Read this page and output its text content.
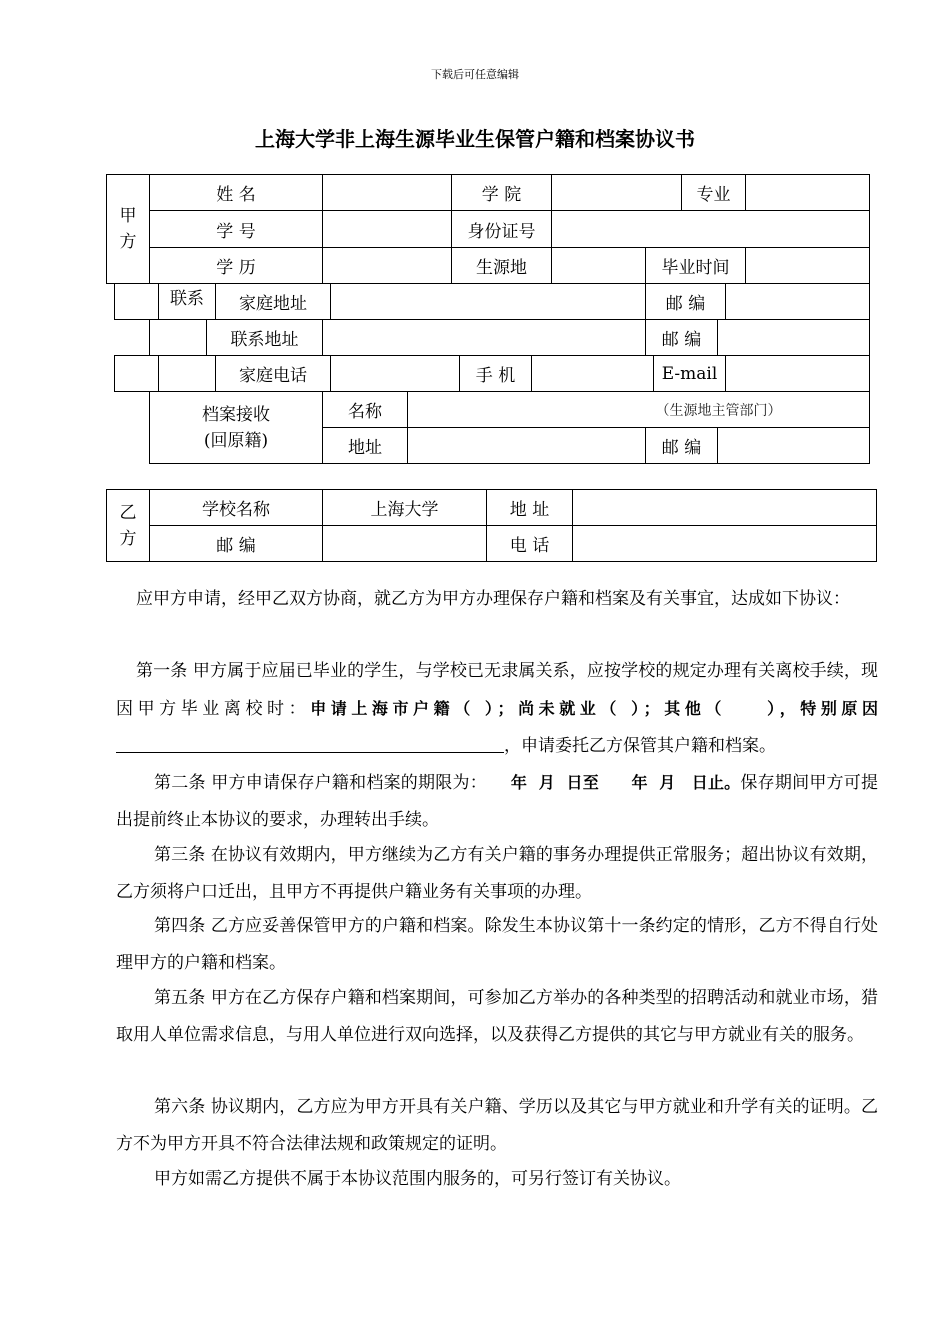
下载后可任意编辑
上海大学非上海生源毕业生保管户籍和档案协议书
甲
方
姓 名	学 院	专业
学 号	身份证号
学 历	生源地	毕业时间
联系	家庭地址	邮 编
联系地址	邮 编
家庭电话	手 机	E-mail
档案接收
(回原籍)
名称	（生源地主管部门）
地址	邮 编
乙
方
学校名称	上海大学	地 址
邮 编	电 话
应甲方申请，经甲乙双方协商，就乙方为甲方办理保存户籍和档案及有关事宜，达成如下协议：
第一条 甲方属于应届已毕业的学生，与学校已无隶属关系，应按学校的规定办理有关离校手续，现因甲方毕业离校时：申请上海市户籍（ ）；尚未就业（ ）；其他（　　），特别原因，申请委托乙方保管其户籍和档案。
第二条 甲方申请保存户籍和档案的期限为：　　年  月  日至　　年  月　日止。保存期间甲方可提出提前终止本协议的要求，办理转出手续。
第三条 在协议有效期内，甲方继续为乙方有关户籍的事务办理提供正常服务；超出协议有效期，乙方须将户口迁出，且甲方不再提供户籍业务有关事项的办理。
第四条 乙方应妥善保管甲方的户籍和档案。除发生本协议第十一条约定的情形，乙方不得自行处理甲方的户籍和档案。
第五条 甲方在乙方保存户籍和档案期间，可参加乙方举办的各种类型的招聘活动和就业市场，猎取用人单位需求信息，与用人单位进行双向选择，以及获得乙方提供的其它与甲方就业有关的服务。
第六条 协议期内，乙方应为甲方开具有关户籍、学历以及其它与甲方就业和升学有关的证明。乙方不为甲方开具不符合法律法规和政策规定的证明。
甲方如需乙方提供不属于本协议范围内服务的，可另行签订有关协议。
